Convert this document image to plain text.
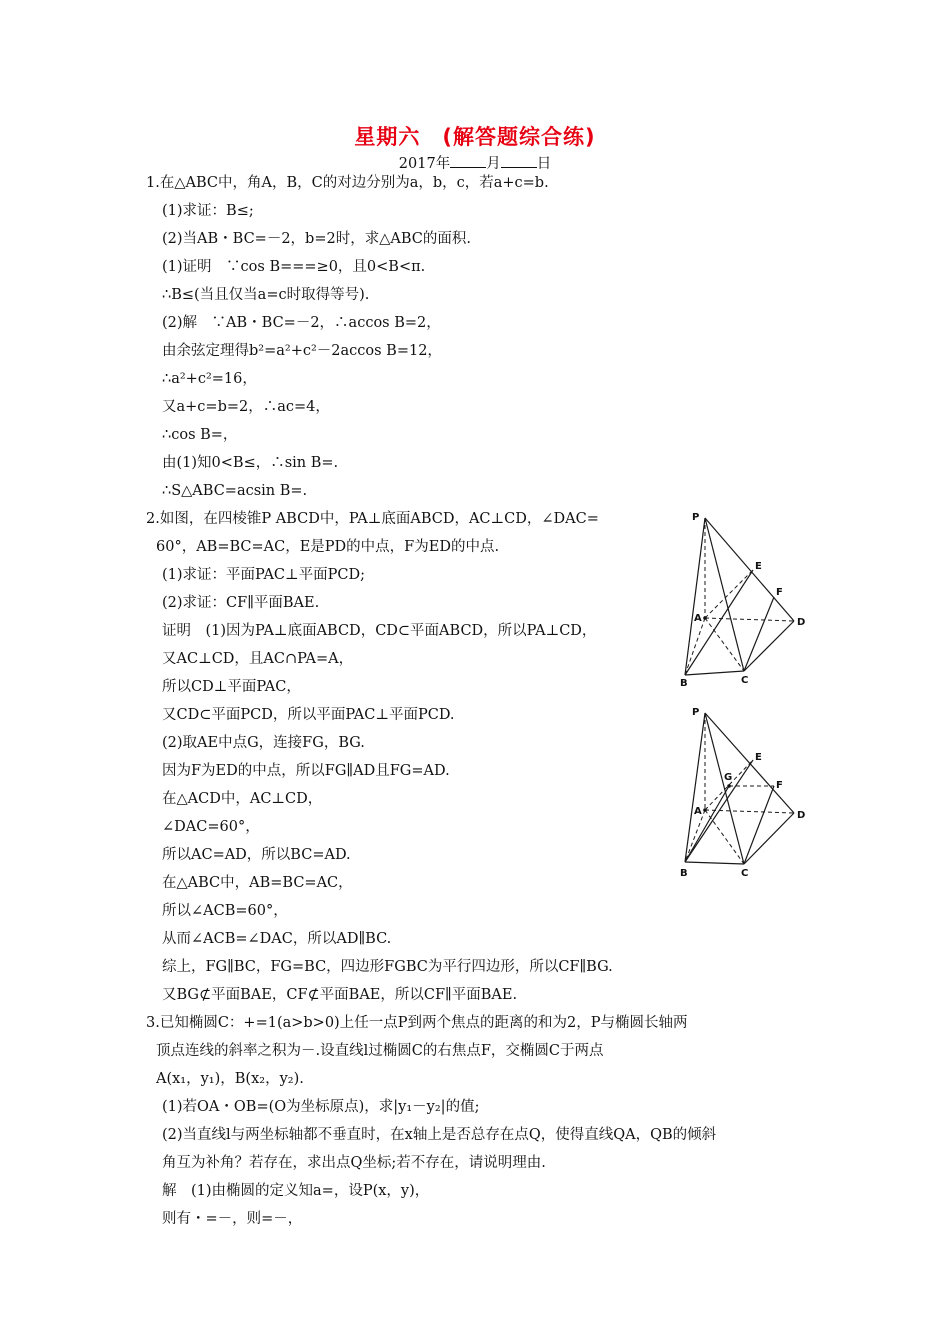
星期六　(解答题综合练)
2017年 月 日
1.在△ABC中，角A，B，C的对边分别为a，b，c，若a+c=b.
(1)求证：B≤;
(2)当AB・BC=－2，b=2时，求△ABC的面积.
(1)证明　∵cos B===≥0，且0<B<π.
∴B≤(当且仅当a=c时取得等号).
(2)解　∵AB・BC=－2，∴accos B=2，
由余弦定理得b²=a²+c²－2accos B=12，
∴a²+c²=16，
又a+c=b=2，∴ac=4，
∴cos B=，
由(1)知0<B≤，∴sin B=.
∴S△ABC=acsin B=.
2.如图，在四棱锥P ABCD中，PA⊥底面ABCD，AC⊥CD，∠DAC=
60°，AB=BC=AC，E是PD的中点，F为ED的中点.
(1)求证：平面PAC⊥平面PCD;
(2)求证：CF∥平面BAE.
证明　(1)因为PA⊥底面ABCD，CD⊂平面ABCD，所以PA⊥CD，
又AC⊥CD，且AC∩PA=A，
所以CD⊥平面PAC，
又CD⊂平面PCD，所以平面PAC⊥平面PCD.
(2)取AE中点G，连接FG，BG.
因为F为ED的中点，所以FG∥AD且FG=AD.
在△ACD中，AC⊥CD，
∠DAC=60°，
所以AC=AD，所以BC=AD.
在△ABC中，AB=BC=AC，
所以∠ACB=60°，
从而∠ACB=∠DAC，所以AD∥BC.
综上，FG∥BC，FG=BC，四边形FGBC为平行四边形，所以CF∥BG.
又BG⊄平面BAE，CF⊄平面BAE，所以CF∥平面BAE.
3.已知椭圆C：+=1(a>b>0)上任一点P到两个焦点的距离的和为2，P与椭圆长轴两
顶点连线的斜率之积为－.设直线l过椭圆C的右焦点F，交椭圆C于两点
A(x₁，y₁)，B(x₂，y₂).
(1)若OA・OB=(O为坐标原点)，求|y₁－y₂|的值;
(2)当直线l与两坐标轴都不垂直时，在x轴上是否总存在点Q，使得直线QA，QB的倾斜
角互为补角？若存在，求出点Q坐标;若不存在，请说明理由.
解　(1)由椭圆的定义知a=，设P(x，y)，
则有・=－，则=－，
P
E
F
A	D
B	C
P
E
G
F
A	D
B	C
